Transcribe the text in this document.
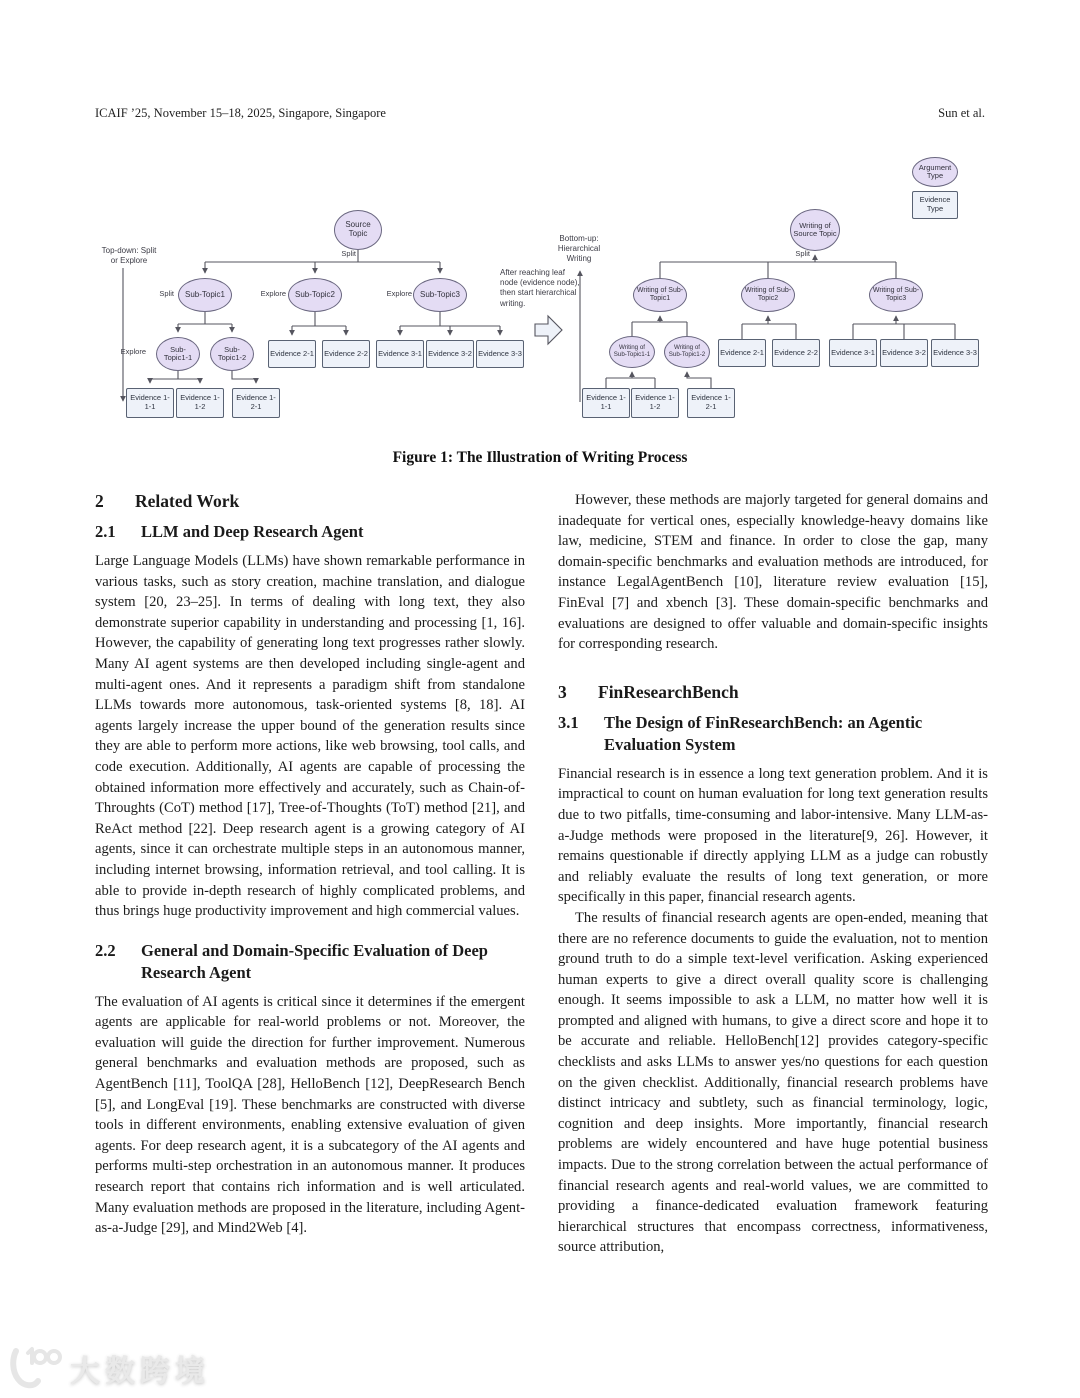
ICAIF ’25, November 15–18, 2025, Singapore, Singapore	Sun et al.
Top-down: Split or Explore
Source Topic
Split
Sub-Topic1	Sub-Topic2	Sub-Topic3
Split	Explore	Explore
Sub-Topic1-1
Sub-Topic1-2
Explore	Evidence 2-1 Evidence 2-2 Evidence 3-1 Evidence 3-2 Evidence 3-3
Evidence 1-1-1
Evidence 1-1-2
Evidence 1-2-1
After reaching leaf node (evidence node), then start hierarchical writing.
Bottom-up: Hierarchical Writing
Writing of Source Topic
Split
Writing of Sub-Topic1
Writing of Sub-Topic2
Writing of Sub-Topic3
Writing of Sub-Topic1-1
Writing of Sub-Topic1-2	Evidence 2-1 Evidence 2-2 Evidence 3-1 Evidence 3-2 Evidence 3-3
Evidence 1-1-1
Evidence 1-1-2
Evidence 1-2-1
Argument Type
Evidence Type
Figure 1: The Illustration of Writing Process
2	Related Work
2.1	LLM and Deep Research Agent

Large Language Models (LLMs) have shown remarkable performance in various tasks, such as story creation, machine translation, and dialogue system [20, 23–25]. In terms of dealing with long text, they also demonstrate superior capability in understanding and processing [1, 16]. However, the capability of generating long text progresses rather slowly. Many AI agent systems are then developed including single-agent and multi-agent ones. And it represents a paradigm shift from standalone LLMs towards more autonomous, task-oriented systems [8, 18]. AI agents largely increase the upper bound of the generation results since they are able to perform more actions, like web browsing, tool calls, and code execution. Additionally, AI agents are capable of processing the obtained information more effectively and accurately, such as Chain-of-Throughts (CoT) method [17], Tree-of-Thoughts (ToT) method [21], and ReAct method [22]. Deep research agent is a growing category of AI agents, since it can orchestrate multiple steps in an autonomous manner, including internet browsing, information retrieval, and tool calling. It is able to provide in-depth research of highly complicated problems, and thus brings huge productivity improvement and high commercial values.

2.2	General and Domain-Specific Evaluation of Deep Research Agent

The evaluation of AI agents is critical since it determines if the emergent agents are applicable for real-world problems or not. Moreover, the evaluation will guide the direction for further improvement. Numerous general benchmarks and evaluation methods are proposed, such as AgentBench [11], ToolQA [28], HelloBench [12], DeepResearch Bench [5], and LongEval [19]. These benchmarks are constructed with diverse tools in different environments, enabling extensive evaluation of given agents. For deep research agent, it is a subcategory of the AI agents and performs multi-step orchestration in an autonomous manner. It produces research report that contains rich information and is well articulated. Many evaluation methods are proposed in the literature, including Agent-as-a-Judge [29], and Mind2Web [4].

However, these methods are majorly targeted for general domains and inadequate for vertical ones, especially knowledge-heavy domains like law, medicine, STEM and finance. In order to close the gap, many domain-specific benchmarks and evaluation methods are introduced, for instance LegalAgentBench [10], literature review evaluation [15], FinEval [7] and xbench [3]. These domain-specific benchmarks and evaluations are designed to offer valuable and domain-specific insights for corresponding research.

3	FinResearchBench
3.1	The Design of FinResearchBench: an Agentic Evaluation System

Financial research is in essence a long text generation problem. And it is impractical to count on human evaluation for long text generation results due to two pitfalls, time-consuming and labor-intensive. Many LLM-as-a-Judge methods were proposed in the literature[9, 26]. However, it remains questionable if directly applying LLM as a judge can robustly and reliably evaluate the results of long text generation, or more specifically in this paper, financial research agents.

The results of financial research agents are open-ended, meaning that there are no reference documents to guide the evaluation, not to mention ground truth to do a simple text-level verification. Asking experienced human experts to give a direct overall quality score is challenging enough. It seems impossible to ask a LLM, no matter how well it is prompted and aligned with humans, to give a direct score and hope it to be accurate and reliable. HelloBench[12] provides category-specific checklists and asks LLMs to answer yes/no questions for each question on the given checklist. Additionally, financial research problems have distinct intricacy and subtlety, such as financial terminology, logic, cognition and deep insights. More importantly, financial research problems are widely encountered and have huge potential business impacts. Due to the strong correlation between the actual performance of financial research agents and real-world values, we are committed to providing a finance-dedicated evaluation framework featuring hierarchical structures that encompass correctness, informativeness, source attribution,

大数跨境
